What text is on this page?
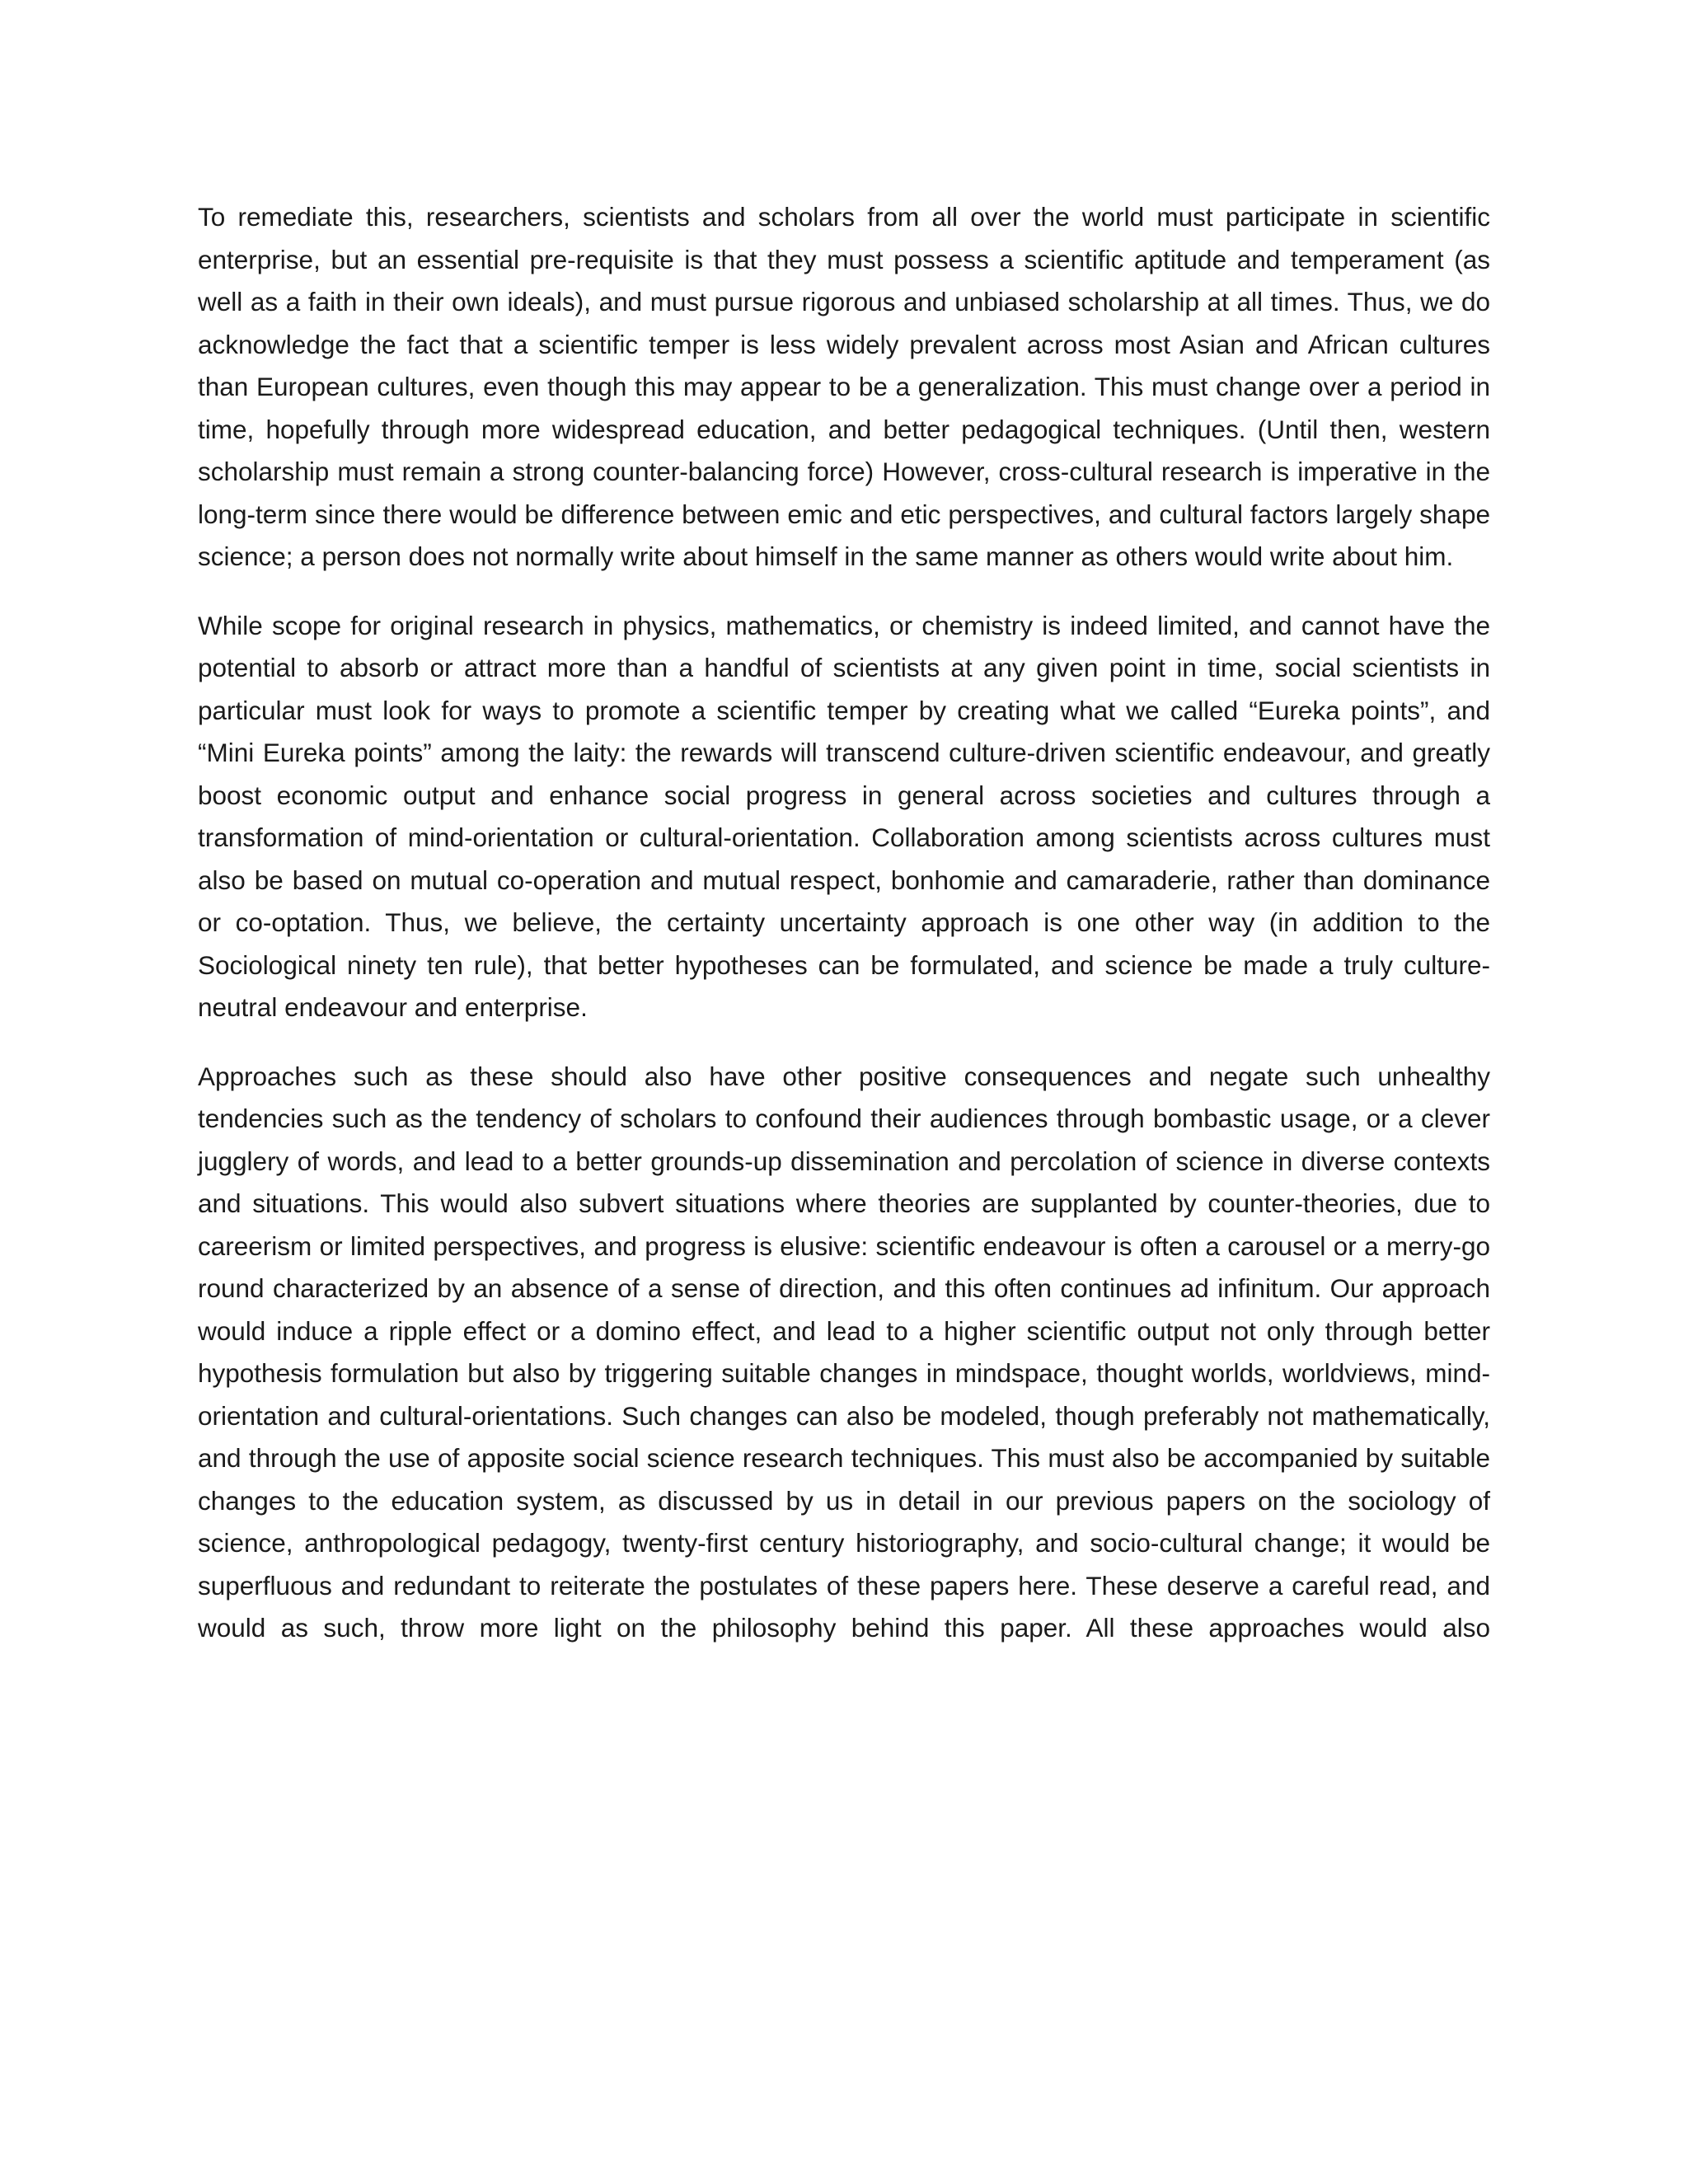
To remediate this, researchers, scientists and scholars from all over the world must participate in scientific enterprise, but an essential pre-requisite is that they must possess a scientific aptitude and temperament (as well as a faith in their own ideals), and must pursue rigorous and unbiased scholarship at all times. Thus, we do acknowledge the fact that a scientific temper is less widely prevalent across most Asian and African cultures than European cultures, even though this may appear to be a generalization. This must change over a period in time, hopefully through more widespread education, and better pedagogical techniques. (Until then, western scholarship must remain a strong counter-balancing force) However, cross-cultural research is imperative in the long-term since there would be difference between emic and etic perspectives, and cultural factors largely shape science; a person does not normally write about himself in the same manner as others would write about him.

While scope for original research in physics, mathematics, or chemistry is indeed limited, and cannot have the potential to absorb or attract more than a handful of scientists at any given point in time, social scientists in particular must look for ways to promote a scientific temper by creating what we called “Eureka points”, and “Mini Eureka points” among the laity: the rewards will transcend culture-driven scientific endeavour, and greatly boost economic output and enhance social progress in general across societies and cultures through a transformation of mind-orientation or cultural-orientation. Collaboration among scientists across cultures must also be based on mutual co-operation and mutual respect, bonhomie and camaraderie, rather than dominance or co-optation. Thus, we believe, the certainty uncertainty approach is one other way (in addition to the Sociological ninety ten rule), that better hypotheses can be formulated, and science be made a truly culture-neutral endeavour and enterprise.

Approaches such as these should also have other positive consequences and negate such unhealthy tendencies such as the tendency of scholars to confound their audiences through bombastic usage, or a clever jugglery of words, and lead to a better grounds-up dissemination and percolation of science in diverse contexts and situations. This would also subvert situations where theories are supplanted by counter-theories, due to careerism or limited perspectives, and progress is elusive: scientific endeavour is often a carousel or a merry-go round characterized by an absence of a sense of direction, and this often continues ad infinitum. Our approach would induce a ripple effect or a domino effect, and lead to a higher scientific output not only through better hypothesis formulation but also by triggering suitable changes in mindspace, thought worlds, worldviews, mind-orientation and cultural-orientations. Such changes can also be modeled, though preferably not mathematically, and through the use of apposite social science research techniques. This must also be accompanied by suitable changes to the education system, as discussed by us in detail in our previous papers on the sociology of science, anthropological pedagogy, twenty-first century historiography, and socio-cultural change; it would be superfluous and redundant to reiterate the postulates of these papers here. These deserve a careful read, and would as such, throw more light on the philosophy behind this paper. All these approaches would also
